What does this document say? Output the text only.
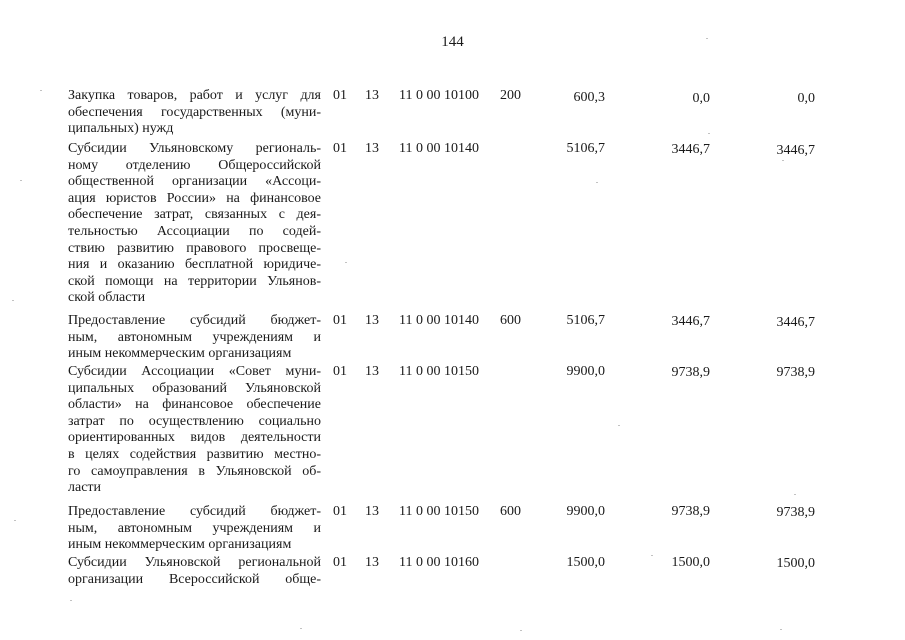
144
Закупка товаров, работ и услуг для
обеспечения государственных (муни-
ципальных) нужд
01 13 11 0 00 10100 200	600,3	0,0	0,0
Субсидии Ульяновскому региональ-
ному отделению Общероссийской
общественной организации «Ассоци-
ация юристов России» на финансовое
обеспечение затрат, связанных с дея-
тельностью Ассоциации по содей-
ствию развитию правового просвеще-
ния и оказанию бесплатной юридиче-
ской помощи на территории Ульянов-
ской области
01 13 11 0 00 10140	5106,7	3446,7	3446,7
Предоставление субсидий бюджет-
ным, автономным учреждениям и
иным некоммерческим организациям
01 13 11 0 00 10140 600	5106,7	3446,7	3446,7
Субсидии Ассоциации «Совет муни-
ципальных образований Ульяновской
области» на финансовое обеспечение
затрат по осуществлению социально
ориентированных видов деятельности
в целях содействия развитию местно-
го самоуправления в Ульяновской об-
ласти
01 13 11 0 00 10150	9900,0	9738,9	9738,9
Предоставление субсидий бюджет-
ным, автономным учреждениям и
иным некоммерческим организациям
01 13 11 0 00 10150 600	9900,0	9738,9	9738,9
Субсидии Ульяновской региональной
организации Всероссийской обще-
01 13 11 0 00 10160	1500,0	1500,0	1500,0
